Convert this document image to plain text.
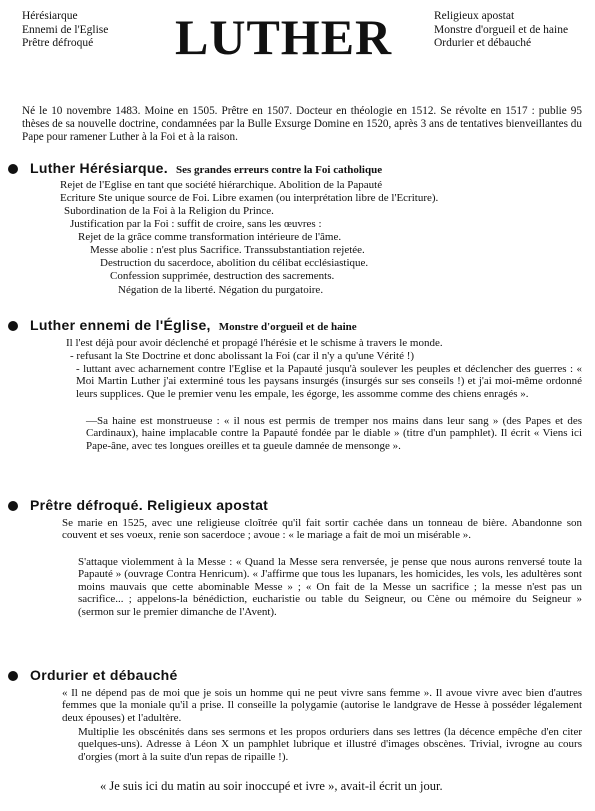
Hérésiarque
Ennemi de l'Eglise
Prêtre défroqué	LUTHER	Religieux apostat
Monstre d'orgueil et de haine
Ordurier et débauché
Né le 10 novembre 1483. Moine en 1505. Prêtre en 1507. Docteur en théologie en 1512. Se révolte en 1517 : publie 95 thèses de sa nouvelle doctrine, condamnées par la Bulle Exsurge Domine en 1520, après 3 ans de tentatives bienveillantes du Pape pour ramener Luther à la Foi et à la raison.
Luther Hérésiarque. Ses grandes erreurs contre la Foi catholique
Rejet de l'Eglise en tant que société hiérarchique. Abolition de la Papauté
Ecriture Ste unique source de Foi. Libre examen (ou interprétation libre de l'Ecriture).
Subordination de la Foi à la Religion du Prince.
Justification par la Foi : suffit de croire, sans les œuvres :
Rejet de la grâce comme transformation intérieure de l'âme.
Messe abolie : n'est plus Sacrifice. Transsubstantiation rejetée.
Destruction du sacerdoce, abolition du célibat ecclésiastique.
Confession supprimée, destruction des sacrements.
Négation de la liberté. Négation du purgatoire.
Luther ennemi de l'Église, Monstre d'orgueil et de haine
Il l'est déjà pour avoir déclenché et propagé l'hérésie et le schisme à travers le monde.
- refusant la Ste Doctrine et donc abolissant la Foi (car il n'y a qu'une Vérité !)
- luttant avec acharnement contre l'Eglise et la Papauté jusqu'à soulever les peuples et déclencher des guerres : « Moi Martin Luther j'ai exterminé tous les paysans insurgés (insurgés sur ses conseils !) et j'ai moi-même ordonné leurs supplices. Que le premier venu les empale, les égorge, les assomme comme des chiens enragés ».
—Sa haine est monstrueuse : « il nous est permis de tremper nos mains dans leur sang » (des Papes et des Cardinaux), haine implacable contre la Papauté fondée par le diable » (titre d'un pamphlet). Il écrit « Viens ici Pape-âne, avec tes longues oreilles et ta gueule damnée de mensonge ».
Prêtre défroqué. Religieux apostat
Se marie en 1525, avec une religieuse cloîtrée qu'il fait sortir cachée dans un tonneau de bière. Abandonne son couvent et ses voeux, renie son sacerdoce ; avoue : « le mariage a fait de moi un misérable ».
S'attaque violemment à la Messe : « Quand la Messe sera renversée, je pense que nous aurons renversé toute la Papauté » (ouvrage Contra Henricum). « J'affirme que tous les lupanars, les homicides, les vols, les adultères sont moins mauvais que cette abominable Messe » ; « On fait de la Messe un sacrifice ; la messe n'est pas un sacrifice... ; appelons-la bénédiction, eucharistie ou table du Seigneur, ou Cène ou mémoire du Seigneur » (sermon sur le premier dimanche de l'Avent).
Ordurier et débauché
« Il ne dépend pas de moi que je sois un homme qui ne peut vivre sans femme ». Il avoue vivre avec bien d'autres femmes que la moniale qu'il a prise. Il conseille la polygamie (autorise le landgrave de Hesse à posséder légalement deux épouses) et l'adultère.
Multiplie les obscénités dans ses sermons et les propos orduriers dans ses lettres (la décence empêche d'en citer quelques-uns). Adresse à Léon X un pamphlet lubrique et illustré d'images obscènes. Trivial, ivrogne au cours d'orgies (mort à la suite d'un repas de ripaille !).
« Je suis ici du matin au soir inoccupé et ivre », avait-il écrit un jour.
